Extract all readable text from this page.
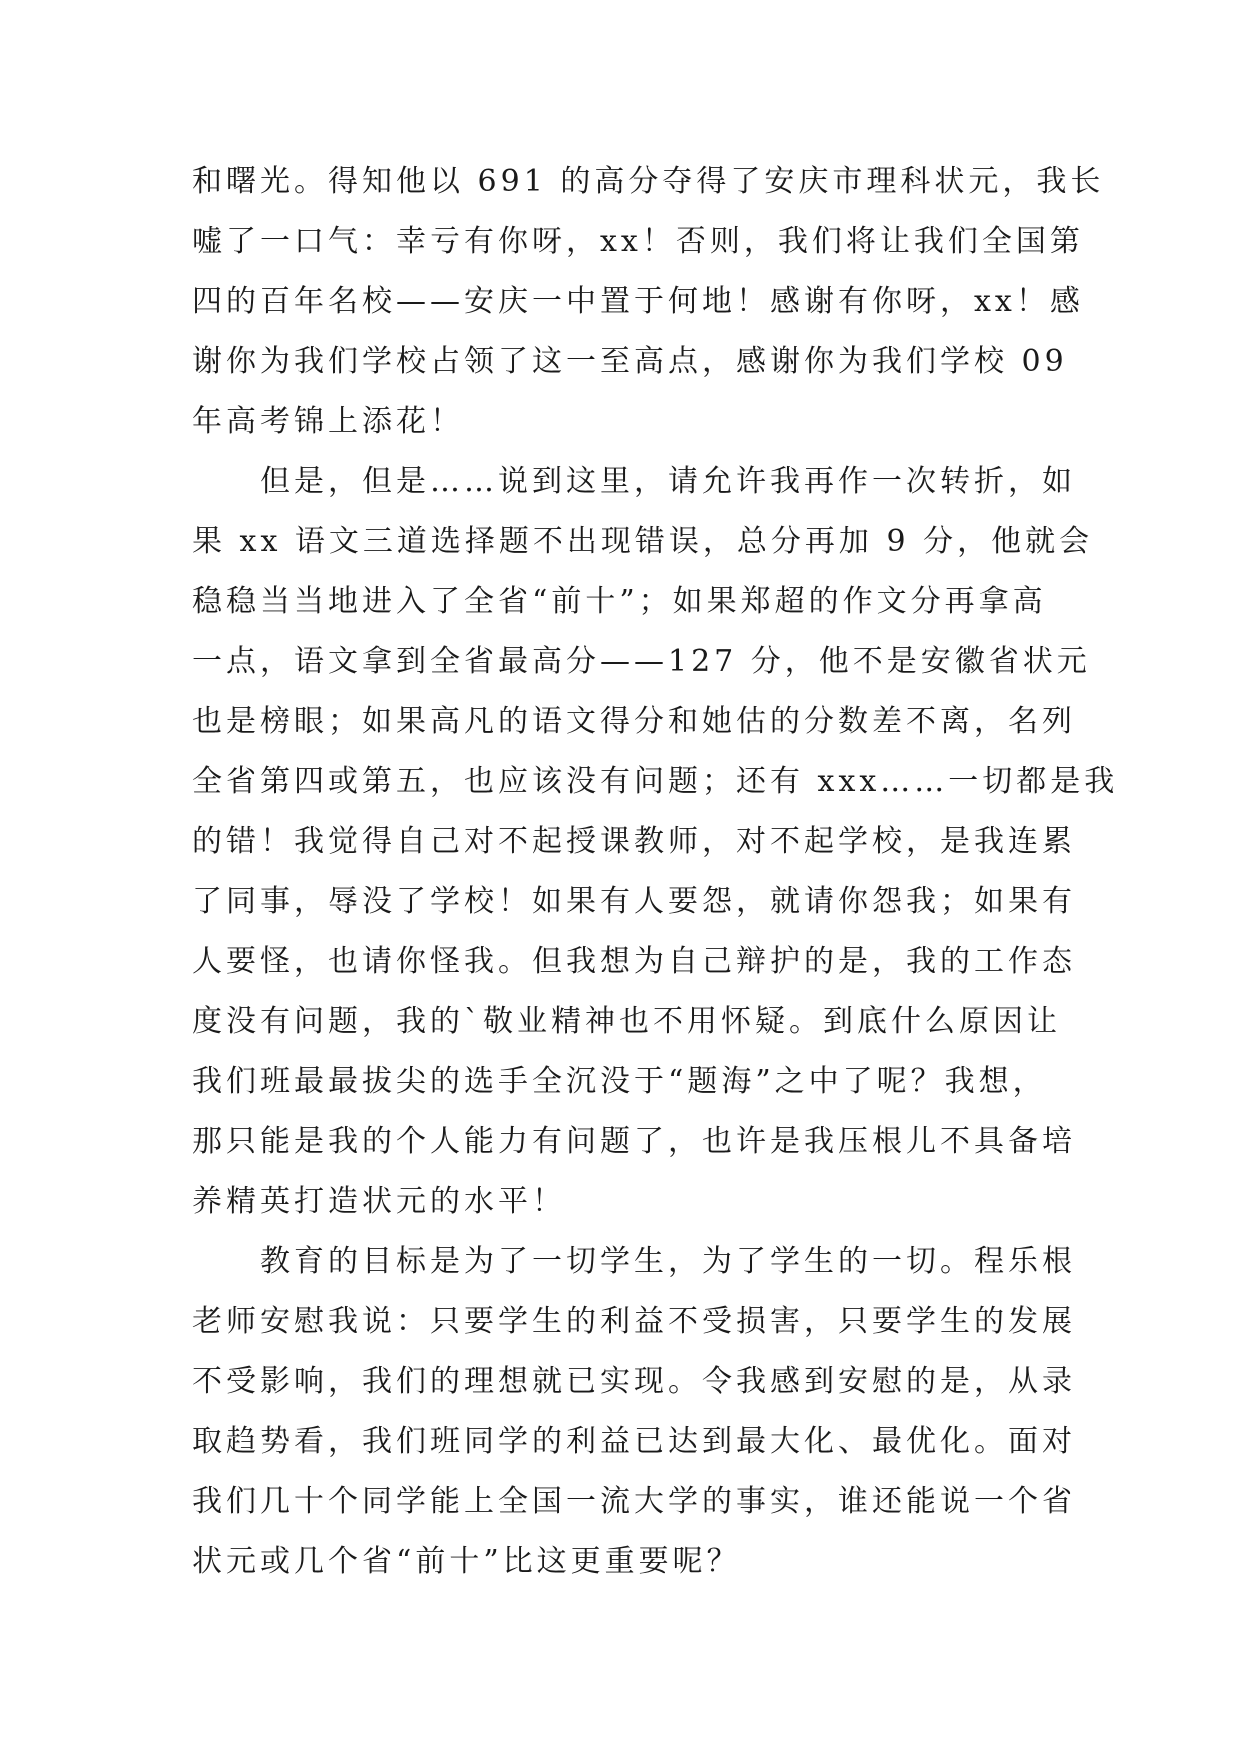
和曙光。得知他以 691 的高分夺得了安庆市理科状元，我长
嘘了一口气：幸亏有你呀，xx！否则，我们将让我们全国第
四的百年名校——安庆一中置于何地！感谢有你呀，xx！感
谢你为我们学校占领了这一至高点，感谢你为我们学校 09
年高考锦上添花！
但是，但是……说到这里，请允许我再作一次转折，如
果 xx 语文三道选择题不出现错误，总分再加 9 分，他就会
稳稳当当地进入了全省“前十”；如果郑超的作文分再拿高
一点，语文拿到全省最高分——127 分，他不是安徽省状元
也是榜眼；如果高凡的语文得分和她估的分数差不离，名列
全省第四或第五，也应该没有问题；还有 xxx……一切都是我
的错！我觉得自己对不起授课教师，对不起学校，是我连累
了同事，辱没了学校！如果有人要怨，就请你怨我；如果有
人要怪，也请你怪我。但我想为自己辩护的是，我的工作态
度没有问题，我的`敬业精神也不用怀疑。到底什么原因让
我们班最最拔尖的选手全沉没于“题海”之中了呢？我想，
那只能是我的个人能力有问题了，也许是我压根儿不具备培
养精英打造状元的水平！
教育的目标是为了一切学生，为了学生的一切。程乐根
老师安慰我说：只要学生的利益不受损害，只要学生的发展
不受影响，我们的理想就已实现。令我感到安慰的是，从录
取趋势看，我们班同学的利益已达到最大化、最优化。面对
我们几十个同学能上全国一流大学的事实，谁还能说一个省
状元或几个省“前十”比这更重要呢？
